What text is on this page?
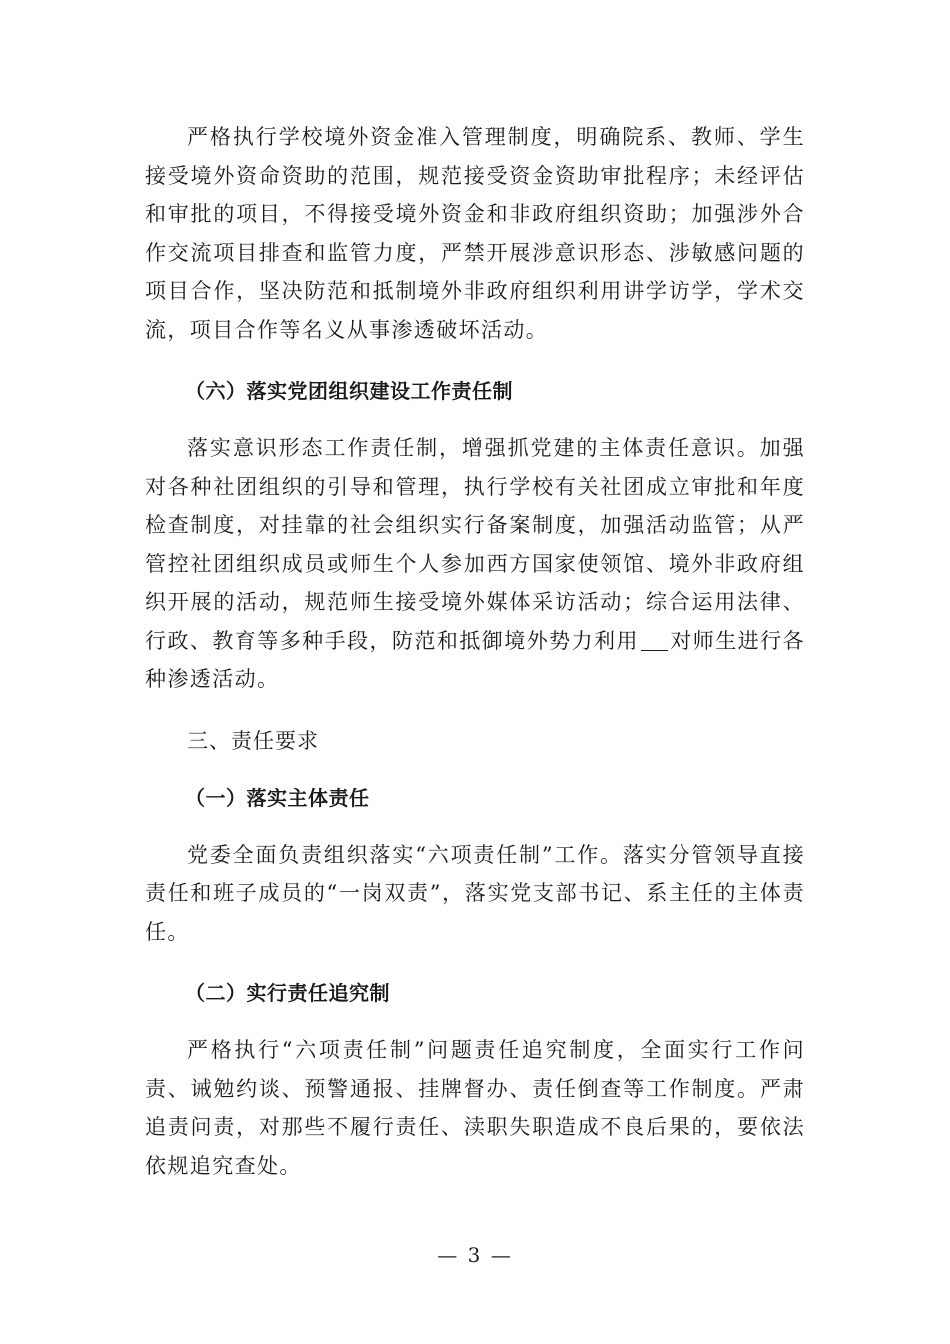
严格执行学校境外资金准入管理制度，明确院系、教师、学生接受境外资命资助的范围，规范接受资金资助审批程序；未经评估和审批的项目，不得接受境外资金和非政府组织资助；加强涉外合作交流项目排查和监管力度，严禁开展涉意识形态、涉敏感问题的项目合作，坚决防范和抵制境外非政府组织利用讲学访学，学术交流，项目合作等名义从事渗透破坏活动。

（六）落实党团组织建设工作责任制

落实意识形态工作责任制，增强抓党建的主体责任意识。加强对各种社团组织的引导和管理，执行学校有关社团成立审批和年度检查制度，对挂靠的社会组织实行备案制度，加强活动监管；从严管控社团组织成员或师生个人参加西方国家使领馆、境外非政府组织开展的活动，规范师生接受境外媒体采访活动；综合运用法律、行政、教育等多种手段，防范和抵御境外势力利用 对师生进行各种渗透活动。

三、责任要求

（一）落实主体责任

党委全面负责组织落实“六项责任制”工作。落实分管领导直接责任和班子成员的“一岗双责”，落实党支部书记、系主任的主体责任。

（二）实行责任追究制

严格执行“六项责任制”问题责任追究制度，全面实行工作问责、诫勉约谈、预警通报、挂牌督办、责任倒查等工作制度。严肃追责问责，对那些不履行责任、渎职失职造成不良后果的，要依法依规追究查处。

— 3 —
